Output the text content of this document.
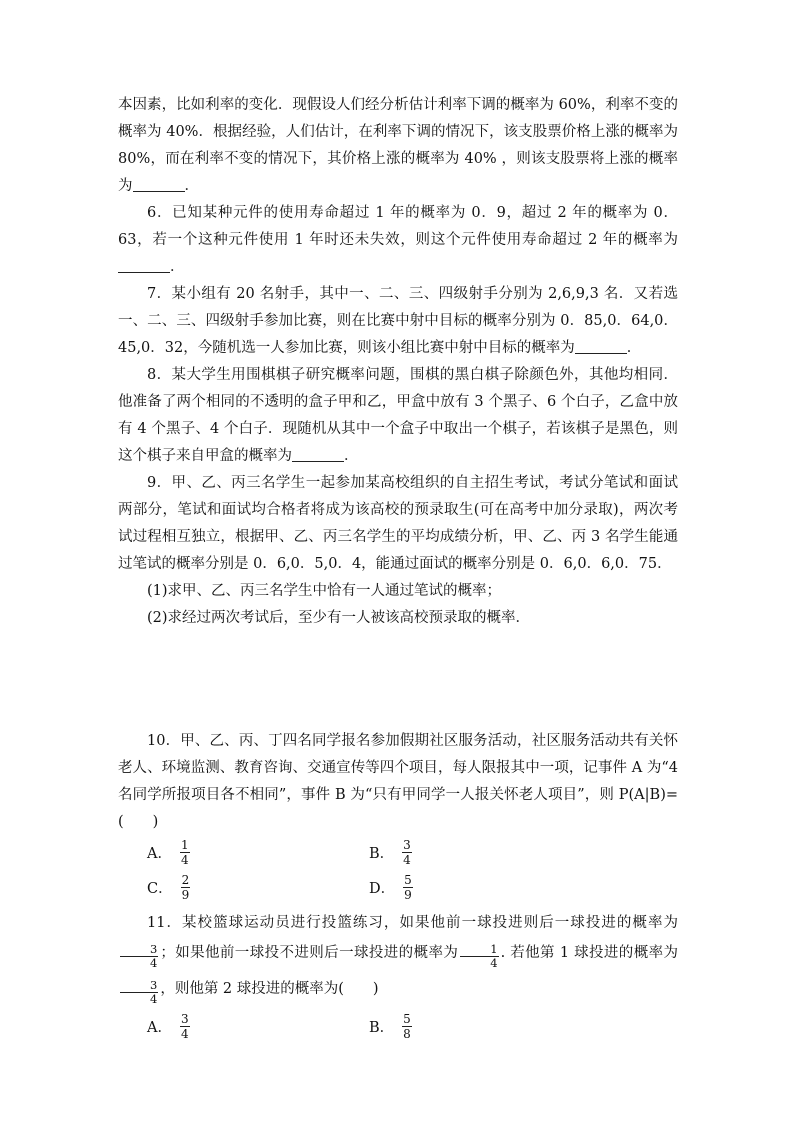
本因素，比如利率的变化．现假设人们经分析估计利率下调的概率为 60%，利率不变的概率为 40%．根据经验，人们估计，在利率下调的情况下，该支股票价格上涨的概率为 80%，而在利率不变的情况下，其价格上涨的概率为 40% ，则该支股票将上涨的概率为	．

6．已知某种元件的使用寿命超过 1 年的概率为 0．9，超过 2 年的概率为 0．63，若一个这种元件使用 1 年时还未失效，则这个元件使用寿命超过 2 年的概率为．

7．某小组有 20 名射手，其中一、二、三、四级射手分别为 2,6,9,3 名．又若选一、二、三、四级射手参加比赛，则在比赛中射中目标的概率分别为 0．85,0．64,0．45,0．32，今随机选一人参加比赛，则该小组比赛中射中目标的概率为	．

8．某大学生用围棋棋子研究概率问题，围棋的黑白棋子除颜色外，其他均相同．他准备了两个相同的不透明的盒子甲和乙，甲盒中放有 3 个黑子、6 个白子，乙盒中放有 4 个黑子、4 个白子．现随机从其中一个盒子中取出一个棋子，若该棋子是黑色，则这个棋子来自甲盒的概率为	．

9．甲、乙、丙三名学生一起参加某高校组织的自主招生考试，考试分笔试和面试两部分，笔试和面试均合格者将成为该高校的预录取生(可在高考中加分录取)，两次考试过程相互独立，根据甲、乙、丙三名学生的平均成绩分析，甲、乙、丙 3 名学生能通过笔试的概率分别是 0．6,0．5,0．4，能通过面试的概率分别是 0．6,0．6,0．75．

(1)求甲、乙、丙三名学生中恰有一人通过笔试的概率；

(2)求经过两次考试后，至少有一人被该高校预录取的概率．

10．甲、乙、丙、丁四名同学报名参加假期社区服务活动，社区服务活动共有关怀老人、环境监测、教育咨询、交通宣传等四个项目，每人限报其中一项，记事件 A 为“4 名同学所报项目各不相同”，事件 B 为“只有甲同学一人报关怀老人项目”，则 P(A|B)=(　　)

A． $\frac{1}{4}$	B． $\frac{3}{4}$
C． $\frac{2}{9}$	D． $\frac{5}{9}$

11．某校篮球运动员进行投篮练习，如果他前一球投进则后一球投进的概率为
$\frac{3}{4}$ ；如果他前一球投不进则后一球投进的概率为 $\frac{1}{4}$ . 若他第 1 球投进的概率为
$\frac{3}{4}$ ，则他第 2 球投进的概率为(　　)

A． $\frac{3}{4}$	B． $\frac{5}{8}$
